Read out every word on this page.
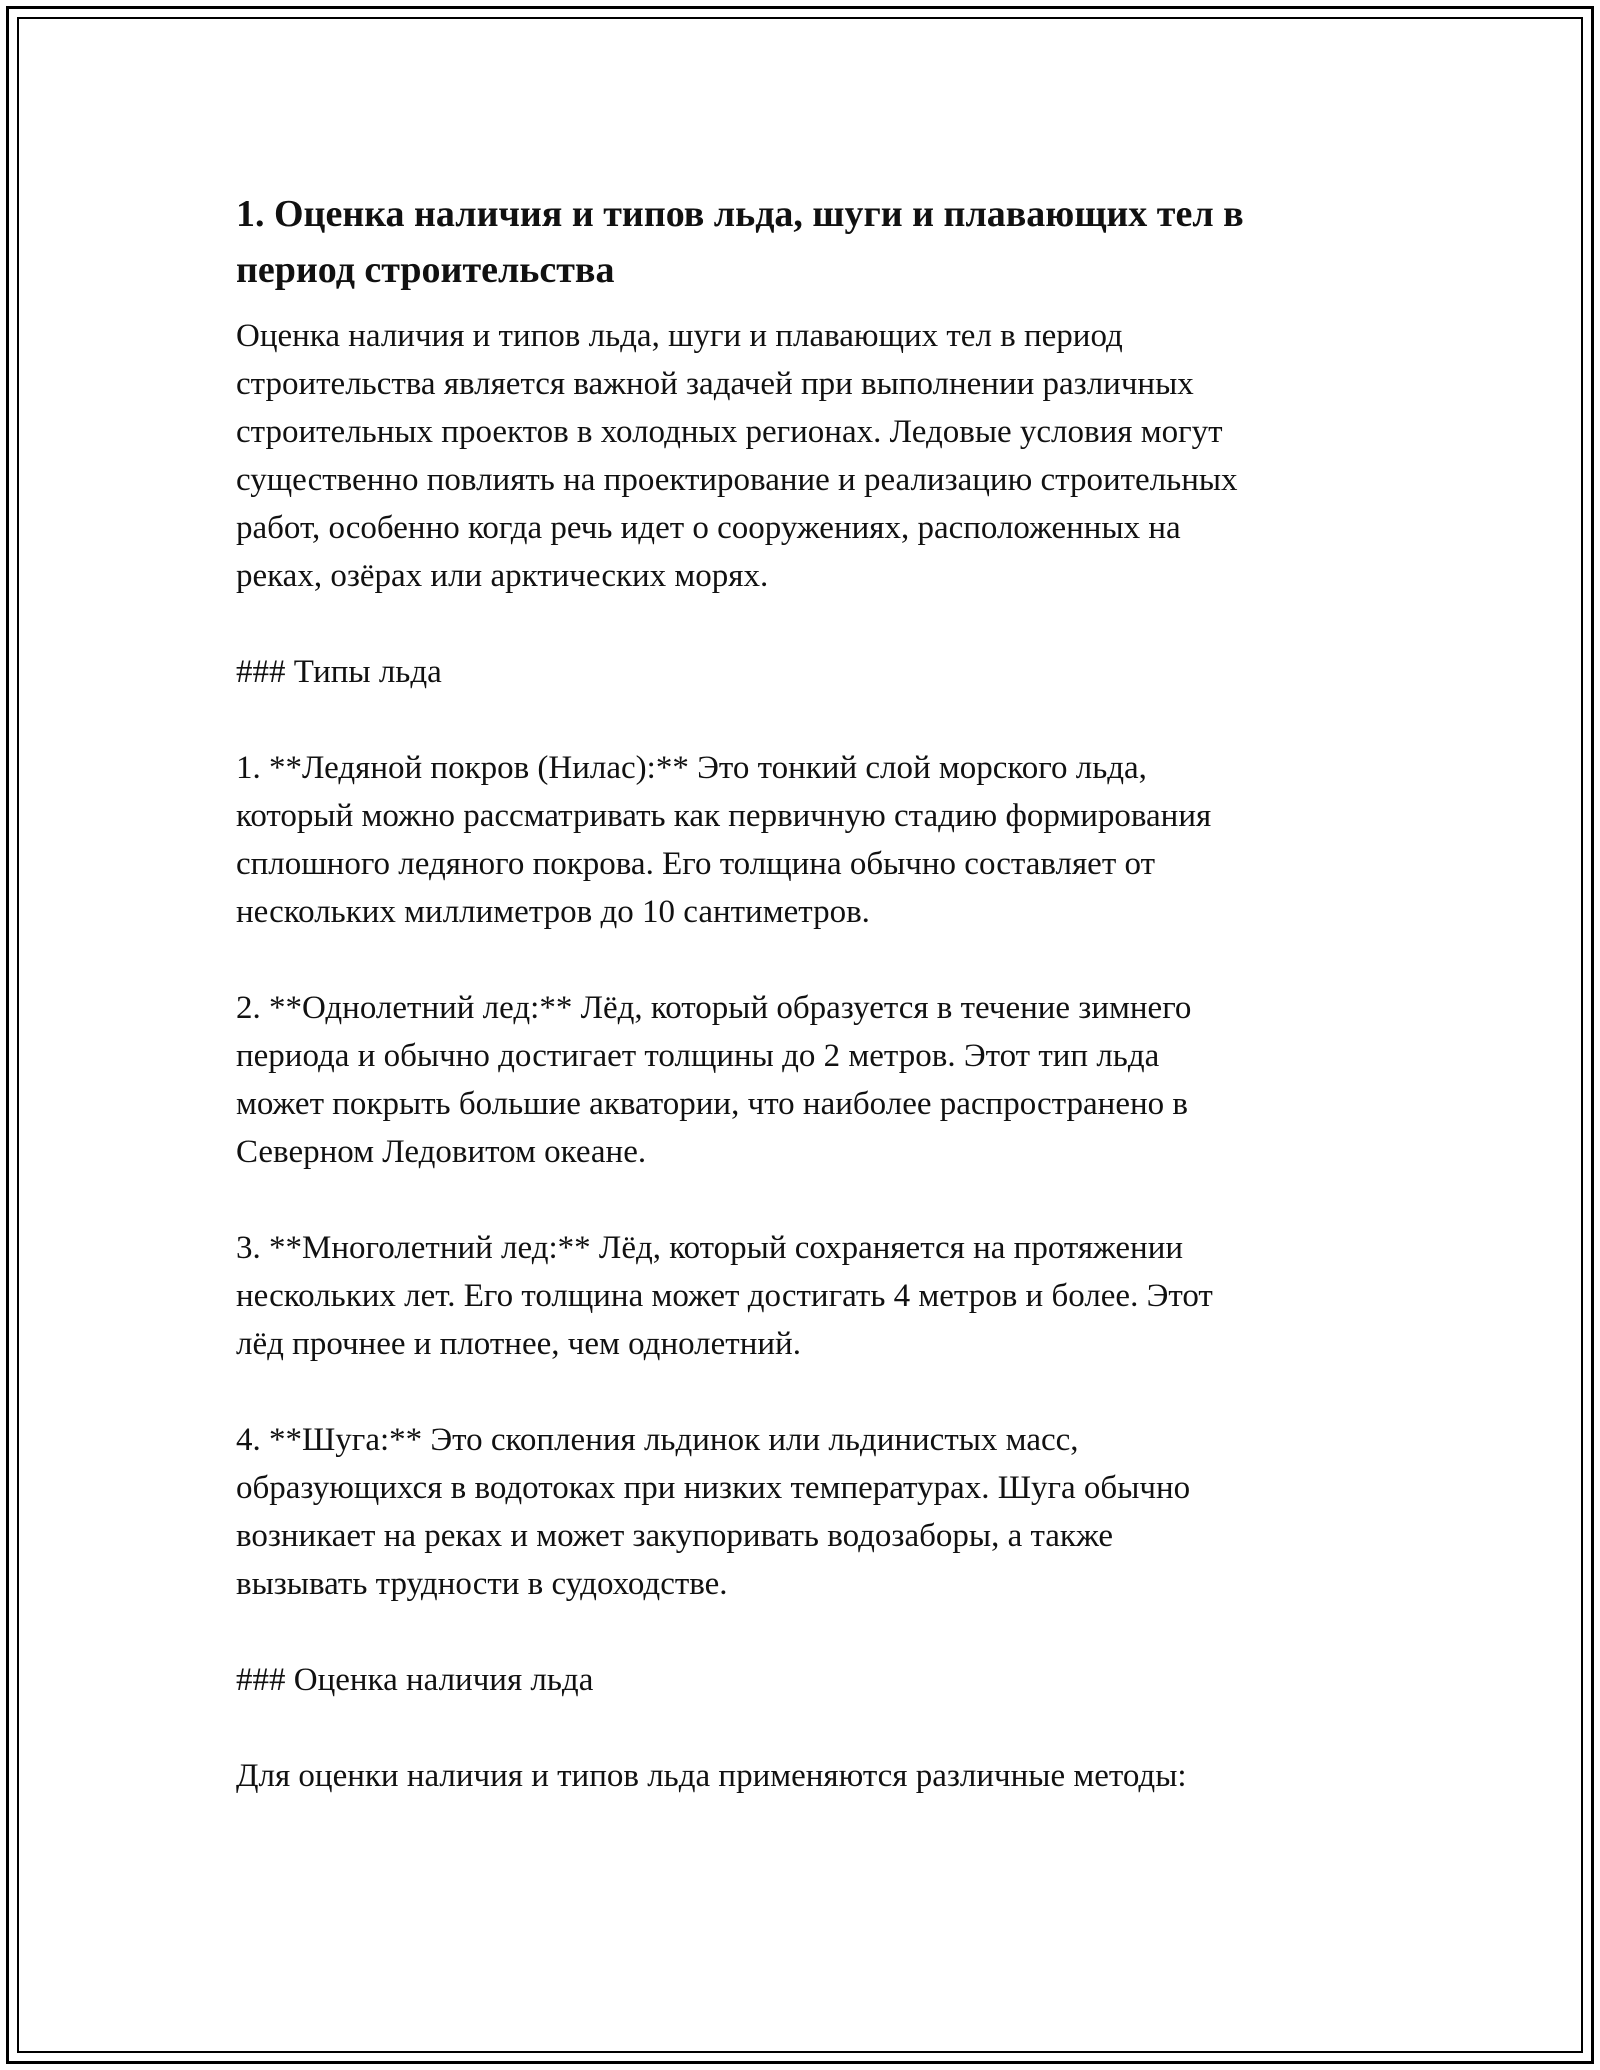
1. Оценка наличия и типов льда, шуги и плавающих тел в
период строительства

Оценка наличия и типов льда, шуги и плавающих тел в период
строительства является важной задачей при выполнении различных
строительных проектов в холодных регионах. Ледовые условия могут
существенно повлиять на проектирование и реализацию строительных
работ, особенно когда речь идет о сооружениях, расположенных на
реках, озёрах или арктических морях.

### Типы льда

1. **Ледяной покров (Нилас):** Это тонкий слой морского льда,
который можно рассматривать как первичную стадию формирования
сплошного ледяного покрова. Его толщина обычно составляет от
нескольких миллиметров до 10 сантиметров.

2. **Однолетний лед:** Лёд, который образуется в течение зимнего
периода и обычно достигает толщины до 2 метров. Этот тип льда
может покрыть большие акватории, что наиболее распространено в
Северном Ледовитом океане.

3. **Многолетний лед:** Лёд, который сохраняется на протяжении
нескольких лет. Его толщина может достигать 4 метров и более. Этот
лёд прочнее и плотнее, чем однолетний.

4. **Шуга:** Это скопления льдинок или льдинистых масс,
образующихся в водотоках при низких температурах. Шуга обычно
возникает на реках и может закупоривать водозаборы, а также
вызывать трудности в судоходстве.

### Оценка наличия льда

Для оценки наличия и типов льда применяются различные методы:
